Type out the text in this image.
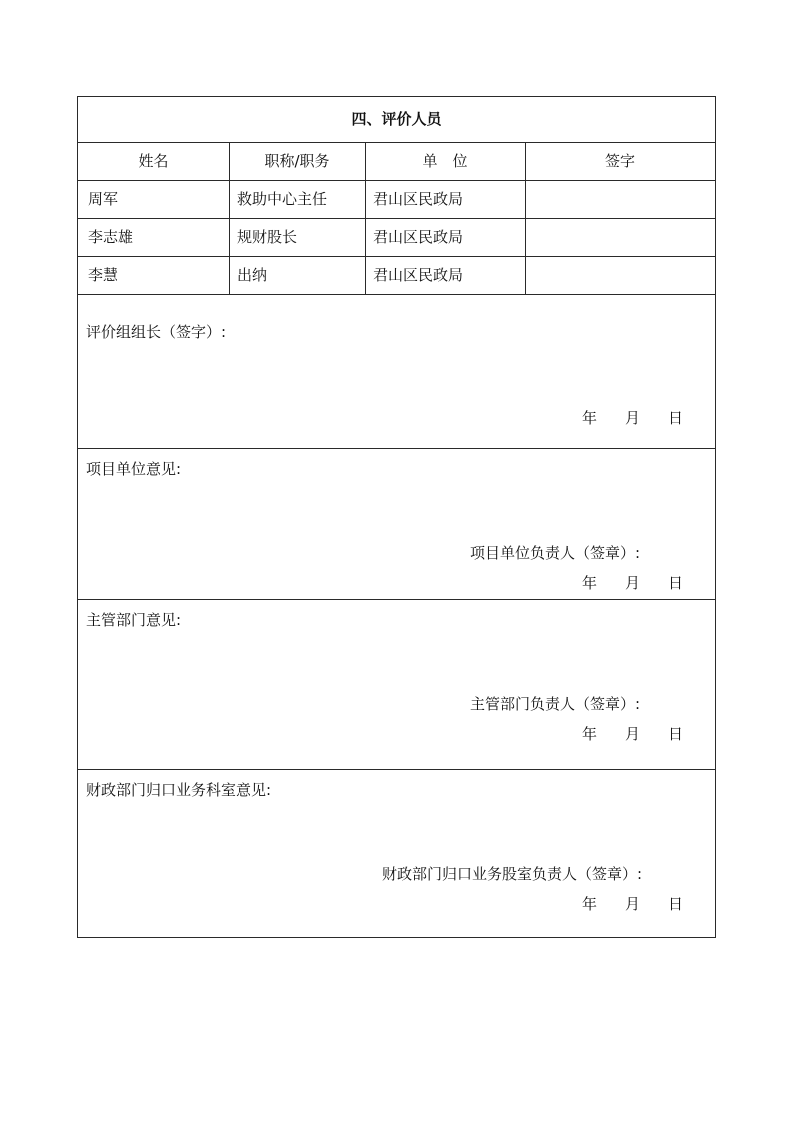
四、评价人员
姓名	职称/职务	单　位	签字
周军	救助中心主任	君山区民政局
李志雄	规财股长	君山区民政局
李慧	出纳	君山区民政局
评价组组长（签字）:
年 月 日
项目单位意见:
项目单位负责人（签章）:
年 月 日
主管部门意见:
主管部门负责人（签章）:
年 月 日
财政部门归口业务科室意见:
财政部门归口业务股室负责人（签章）:
年 月 日
